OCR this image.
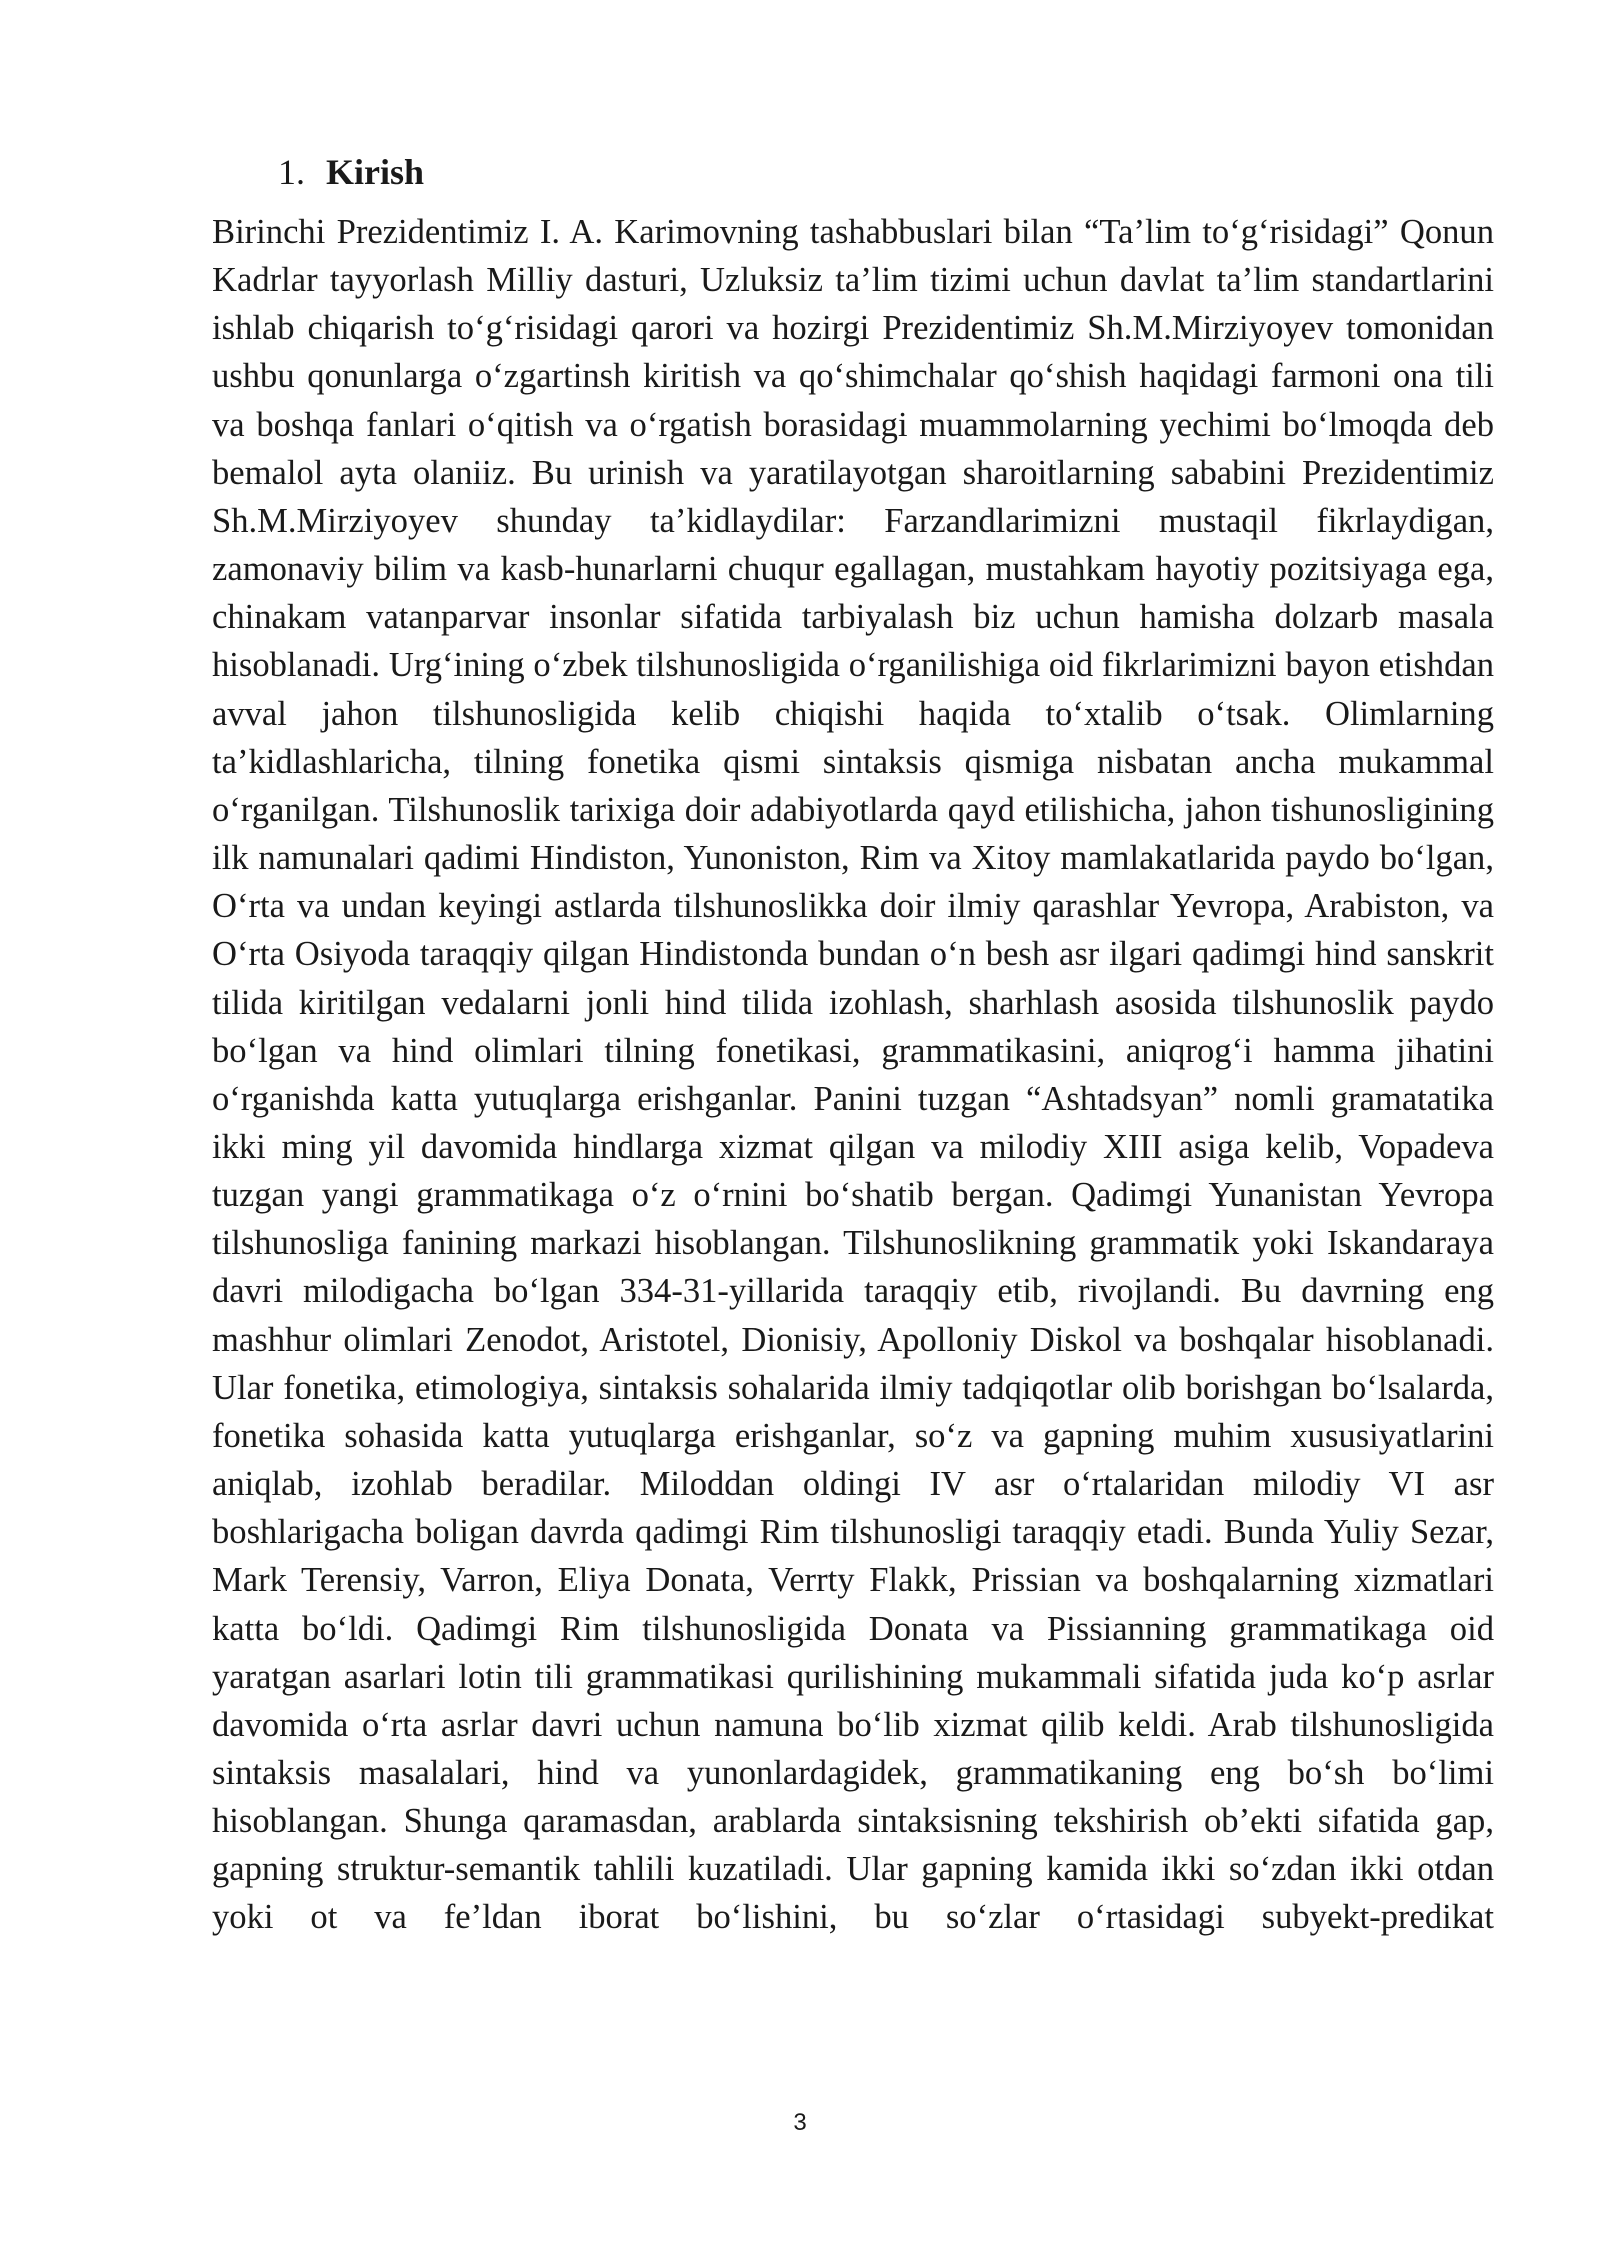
1. Kirish

Birinchi Prezidentimiz I. A. Karimovning tashabbuslari bilan “Ta’lim to‘g‘risidagi” Qonun Kadrlar tayyorlash Milliy dasturi, Uzluksiz ta’lim tizimi uchun davlat ta’lim standartlarini ishlab chiqarish to‘g‘risidagi qarori va hozirgi Prezidentimiz Sh.M.Mirziyoyev tomonidan ushbu qonunlarga o‘zgartinsh kiritish va qo‘shimchalar qo‘shish haqidagi farmoni ona tili va boshqa fanlari o‘qitish va o‘rgatish borasidagi muammolarning yechimi bo‘lmoqda deb bemalol ayta olaniiz. Bu urinish va yaratilayotgan sharoitlarning sababini Prezidentimiz Sh.M.Mirziyoyev shunday ta’kidlaydilar: Farzandlarimizni mustaqil fikrlaydigan, zamonaviy bilim va kasb-hunarlarni chuqur egallagan, mustahkam hayotiy pozitsiyaga ega, chinakam vatanparvar insonlar sifatida tarbiyalash biz uchun hamisha dolzarb masala hisoblanadi. Urg‘ining o‘zbek tilshunosligida o‘rganilishiga oid fikrlarimizni bayon etishdan avval jahon tilshunosligida kelib chiqishi haqida to‘xtalib o‘tsak. Olimlarning ta’kidlashlaricha, tilning fonetika qismi sintaksis qismiga nisbatan ancha mukammal o‘rganilgan. Tilshunoslik tarixiga doir adabiyotlarda qayd etilishicha, jahon tishunosligining ilk namunalari qadimi Hindiston, Yunoniston, Rim va Xitoy mamlakatlarida paydo bo‘lgan, O‘rta va undan keyingi astlarda tilshunoslikka doir ilmiy qarashlar Yevropa, Arabiston, va O‘rta Osiyoda taraqqiy qilgan Hindistonda bundan o‘n besh asr ilgari qadimgi hind sanskrit tilida kiritilgan vedalarni jonli hind tilida izohlash, sharhlash asosida tilshunoslik paydo bo‘lgan va hind olimlari tilning fonetikasi, grammatikasini, aniqrog‘i hamma jihatini o‘rganishda katta yutuqlarga erishganlar. Panini tuzgan “Ashtadsyan” nomli gramatatika ikki ming yil davomida hindlarga xizmat qilgan va milodiy XIII asiga kelib, Vopadeva tuzgan yangi grammatikaga o‘z o‘rnini bo‘shatib bergan. Qadimgi Yunanistan Yevropa tilshunosliga fanining markazi hisoblangan. Tilshunoslikning grammatik yoki Iskandaraya davri milodigacha bo‘lgan 334-31-yillarida taraqqiy etib, rivojlandi. Bu davrning eng mashhur olimlari Zenodot, Aristotel, Dionisiy, Apolloniy Diskol va boshqalar hisoblanadi. Ular fonetika, etimologiya, sintaksis sohalarida ilmiy tadqiqotlar olib borishgan bo‘lsalarda, fonetika sohasida katta yutuqlarga erishganlar, so‘z va gapning muhim xususiyatlarini aniqlab, izohlab beradilar. Miloddan oldingi IV asr o‘rtalaridan milodiy VI asr boshlarigacha boligan davrda qadimgi Rim tilshunosligi taraqqiy etadi. Bunda Yuliy Sezar, Mark Terensiy, Varron, Eliya Donata, Verrty Flakk, Prissian va boshqalarning xizmatlari katta bo‘ldi. Qadimgi Rim tilshunosligida Donata va Pissianning grammatikaga oid yaratgan asarlari lotin tili grammatikasi qurilishining mukammali sifatida juda ko‘p asrlar davomida o‘rta asrlar davri uchun namuna bo‘lib xizmat qilib keldi. Arab tilshunosligida sintaksis masalalari, hind va yunonlardagidek, grammatikaning eng bo‘sh bo‘limi hisoblangan. Shunga qaramasdan, arablarda sintaksisning tekshirish ob’ekti sifatida gap, gapning struktur-semantik tahlili kuzatiladi. Ular gapning kamida ikki so‘zdan ikki otdan yoki ot va fe’ldan iborat bo‘lishini, bu so‘zlar o‘rtasidagi subyekt-predikat

3
